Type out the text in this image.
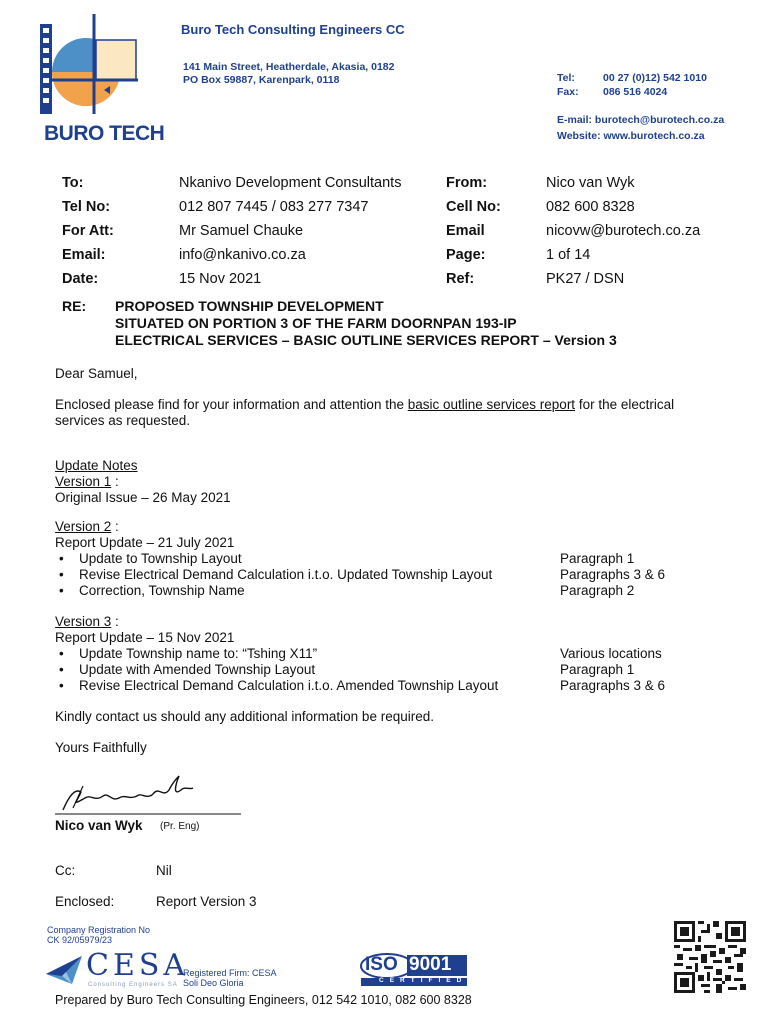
BURO TECH
Buro Tech Consulting Engineers CC
141 Main Street, Heatherdale, Akasia, 0182
PO Box 59887, Karenpark, 0118	Tel:	00 27 (0)12) 542 1010
Fax: 086 516 4024
E-mail: burotech@burotech.co.za
Website: www.burotech.co.za
To:	Nkanivo Development Consultants	From:	Nico van Wyk
Tel No:	012 807 7445 / 083 277 7347	Cell No:	082 600 8328
For Att:	Mr Samuel Chauke	Email	nicovw@burotech.co.za
Email:	info@nkanivo.co.za	Page:	1 of 14
Date:	15 Nov 2021	Ref:	PK27 / DSN
RE: PROPOSED TOWNSHIP DEVELOPMENT
SITUATED ON PORTION 3 OF THE FARM DOORNPAN 193-IP
ELECTRICAL SERVICES – BASIC OUTLINE SERVICES REPORT – Version 3
Dear Samuel,
Enclosed please find for your information and attention the basic outline services report for the electrical
services as requested.
Update Notes
Version 1 :
Original Issue – 26 May 2021
Version 2 :
Report Update – 21 July 2021
• Update to Township Layout	Paragraph 1
• Revise Electrical Demand Calculation i.t.o. Updated Township Layout	Paragraphs 3 & 6
• Correction, Township Name	Paragraph 2
Version 3 :
Report Update – 15 Nov 2021
• Update Township name to: “Tshing X11”	Various locations
• Update with Amended Township Layout	Paragraph 1
• Revise Electrical Demand Calculation i.t.o. Amended Township Layout	Paragraphs 3 & 6
Kindly contact us should any additional information be required.
Yours Faithfully
Nico van Wyk (Pr. Eng)
Cc:	Nil
Enclosed:	Report Version 3
Company Registration No
CK 92/05979/23
CESA
Consulting Engineers SA
Registered Firm: CESA
Soli Deo Gloria
ISO 9001
CERTIFIED
Prepared by Buro Tech Consulting Engineers, 012 542 1010, 082 600 8328
